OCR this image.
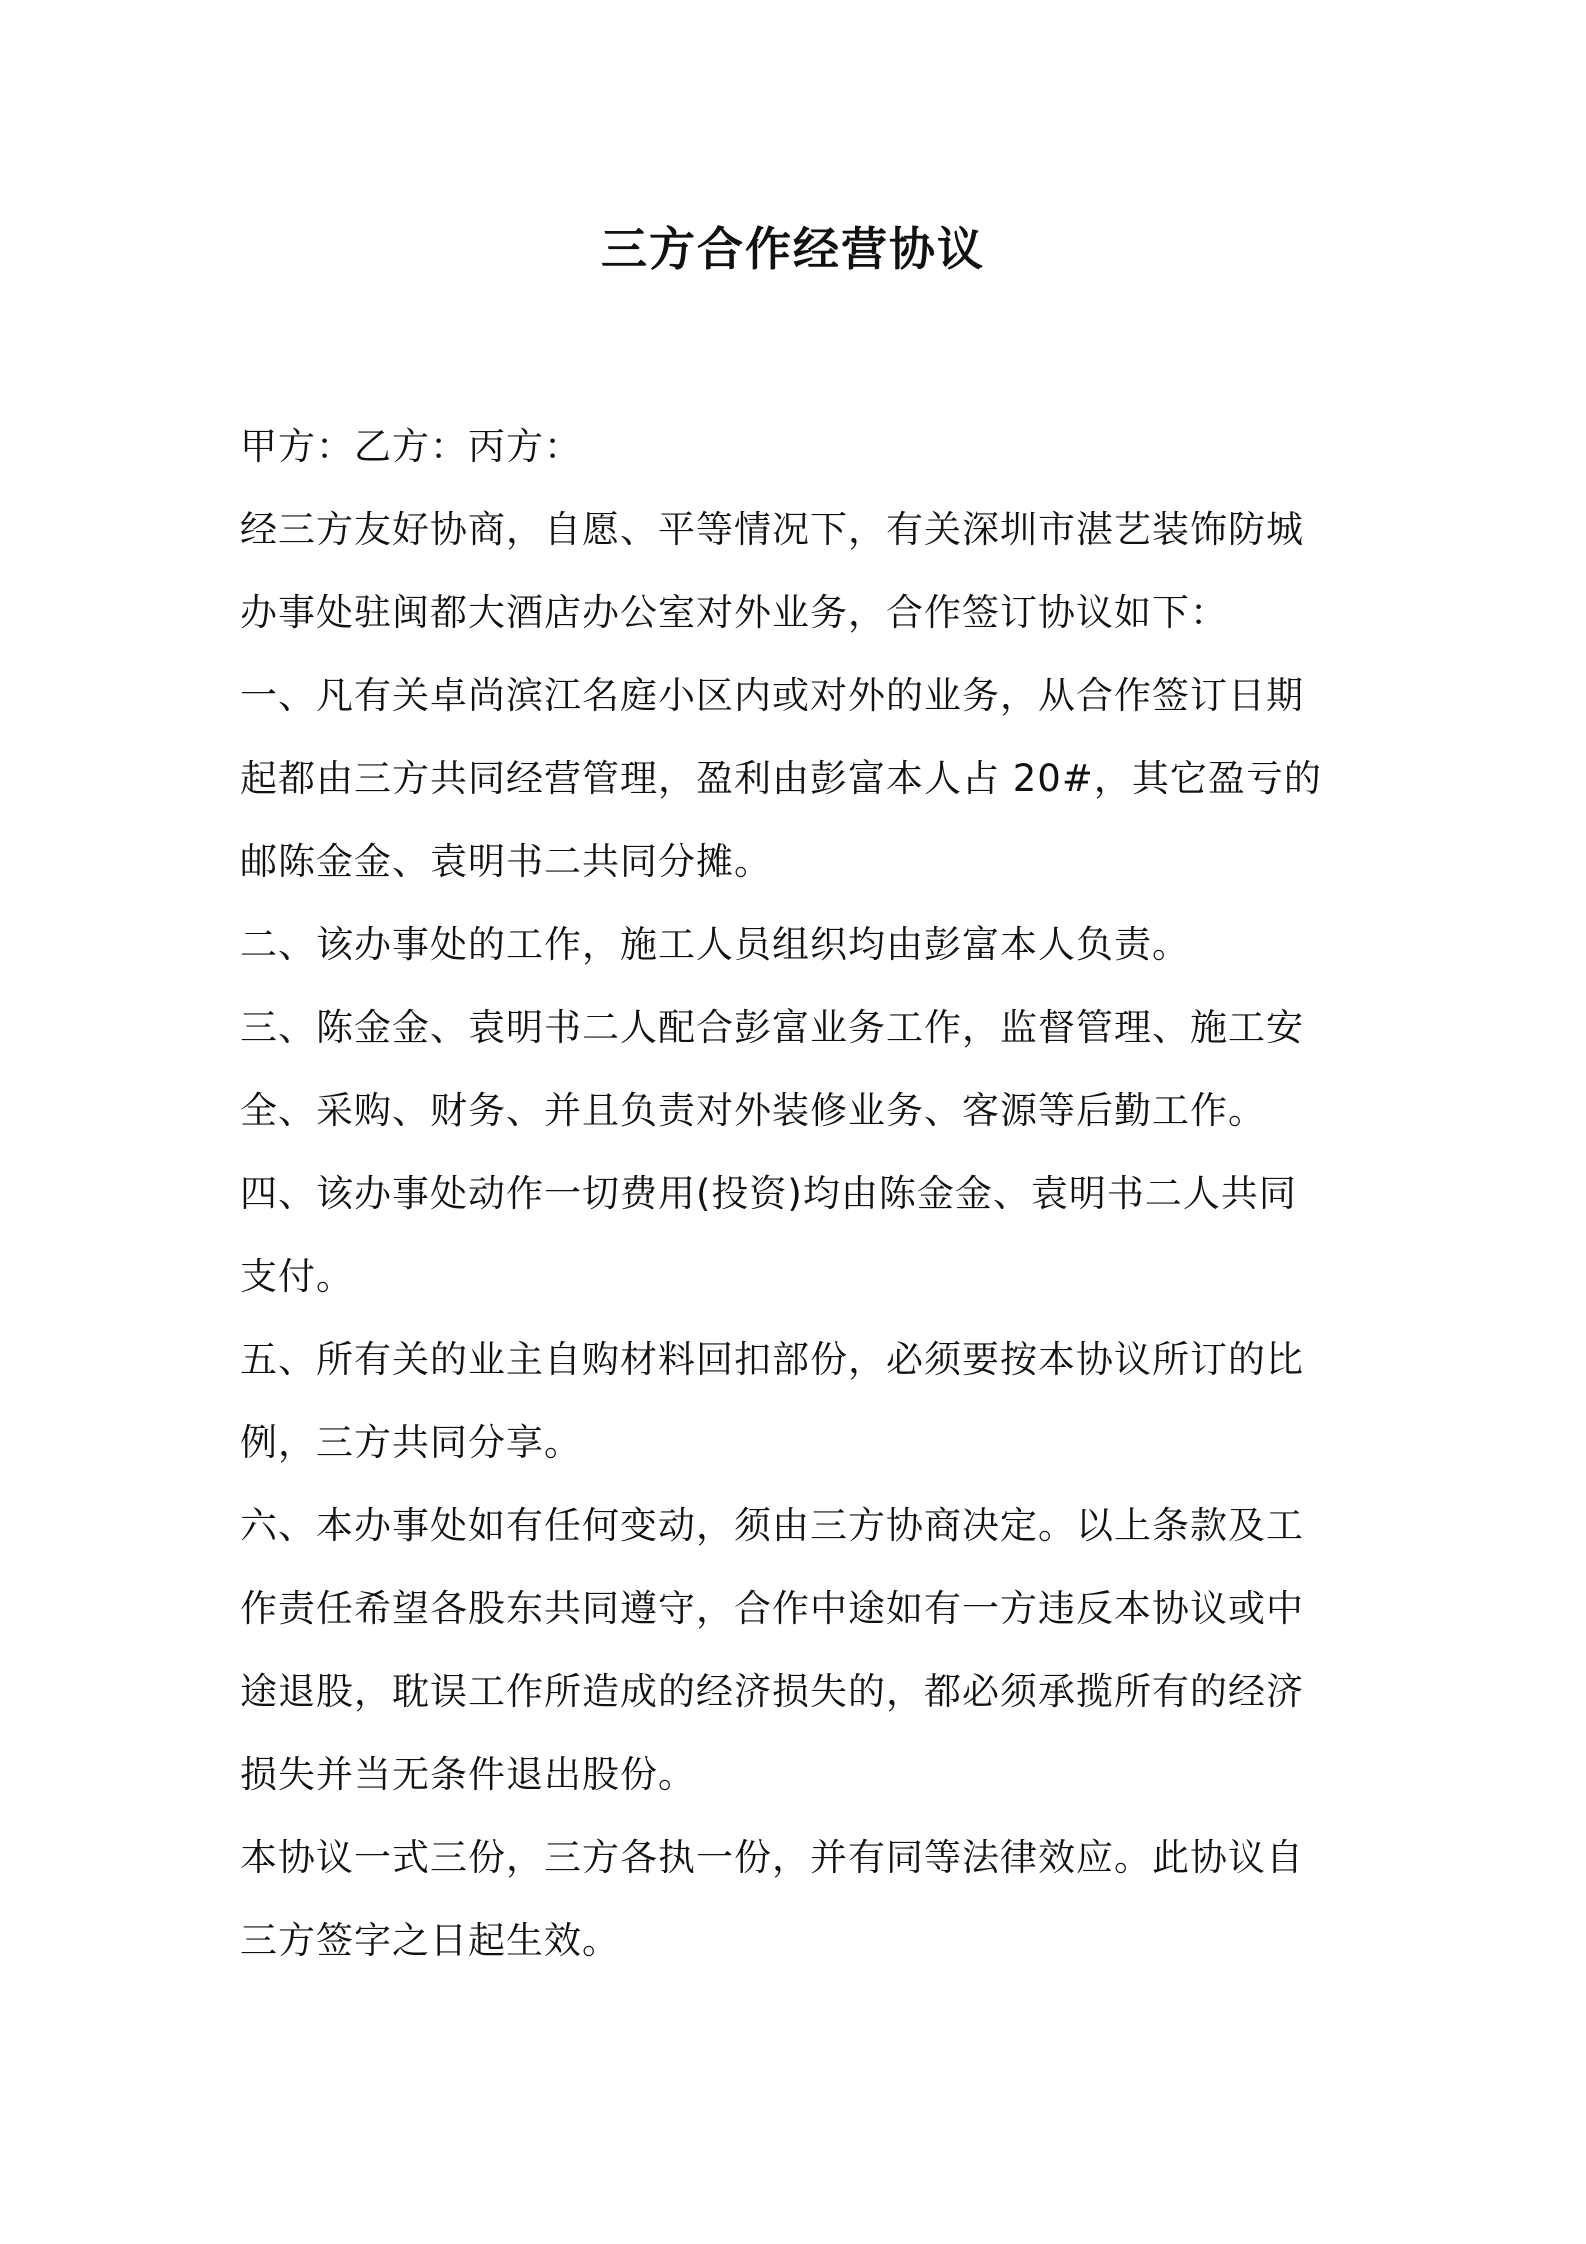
三方合作经营协议
甲方：乙方：丙方：
经三方友好协商，自愿、平等情况下，有关深圳市湛艺装饰防城
办事处驻闽都大酒店办公室对外业务，合作签订协议如下：
一、凡有关卓尚滨江名庭小区内或对外的业务，从合作签订日期
起都由三方共同经营管理，盈利由彭富本人占 20#，其它盈亏的
邮陈金金、袁明书二共同分摊。
二、该办事处的工作，施工人员组织均由彭富本人负责。
三、陈金金、袁明书二人配合彭富业务工作，监督管理、施工安
全、采购、财务、并且负责对外装修业务、客源等后勤工作。
四、该办事处动作一切费用(投资)均由陈金金、袁明书二人共同
支付。
五、所有关的业主自购材料回扣部份，必须要按本协议所订的比
例，三方共同分享。
六、本办事处如有任何变动，须由三方协商决定。以上条款及工
作责任希望各股东共同遵守，合作中途如有一方违反本协议或中
途退股，耽误工作所造成的经济损失的，都必须承揽所有的经济
损失并当无条件退出股份。
本协议一式三份，三方各执一份，并有同等法律效应。此协议自
三方签字之日起生效。
